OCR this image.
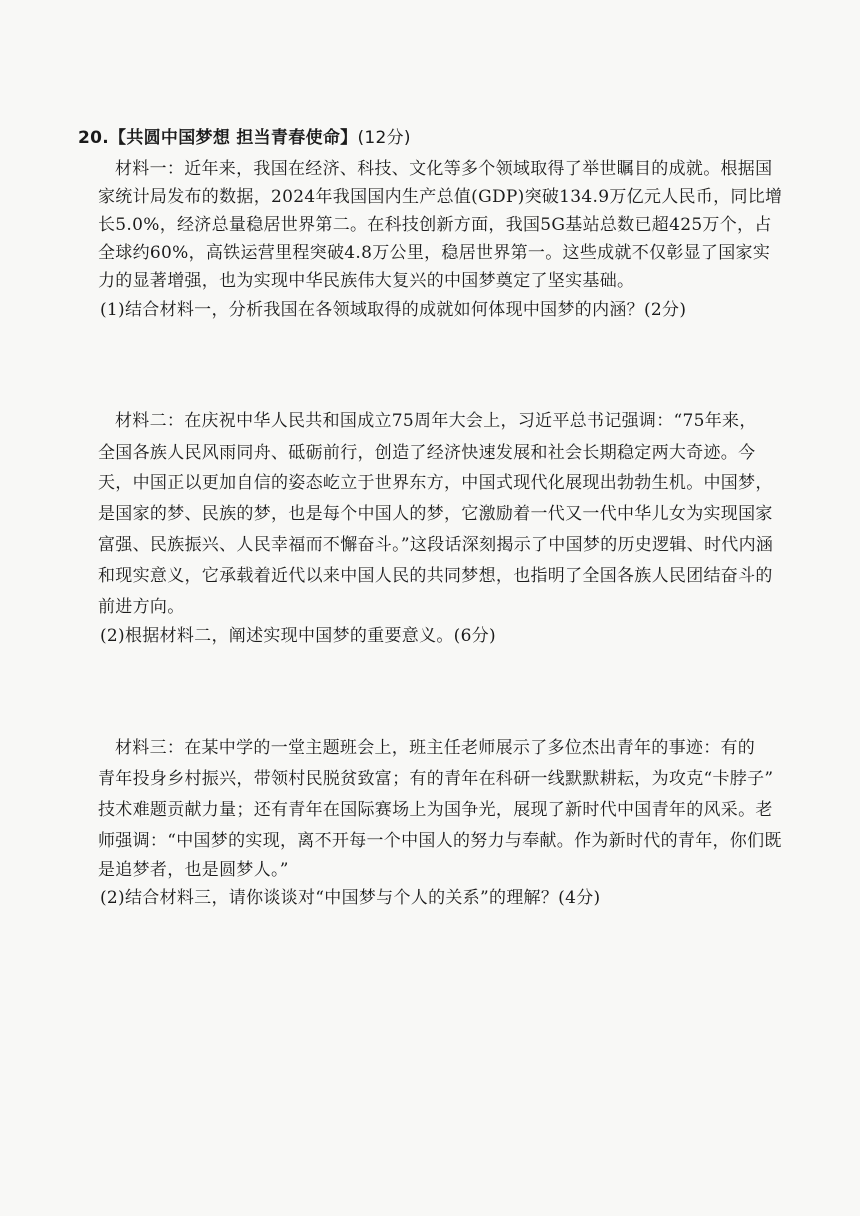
20.【共圆中国梦想 担当青春使命】(12分)
材料一：近年来，我国在经济、科技、文化等多个领域取得了举世瞩目的成就。根据国
家统计局发布的数据，2024年我国国内生产总值(GDP)突破134.9万亿元人民币，同比增
长5.0%，经济总量稳居世界第二。在科技创新方面，我国5G基站总数已超425万个，占
全球约60%，高铁运营里程突破4.8万公里，稳居世界第一。这些成就不仅彰显了国家实
力的显著增强，也为实现中华民族伟大复兴的中国梦奠定了坚实基础。
(1)结合材料一，分析我国在各领域取得的成就如何体现中国梦的内涵？(2分)
材料二：在庆祝中华人民共和国成立75周年大会上，习近平总书记强调：“75年来，
全国各族人民风雨同舟、砥砺前行，创造了经济快速发展和社会长期稳定两大奇迹。今
天，中国正以更加自信的姿态屹立于世界东方，中国式现代化展现出勃勃生机。中国梦，
是国家的梦、民族的梦，也是每个中国人的梦，它激励着一代又一代中华儿女为实现国家
富强、民族振兴、人民幸福而不懈奋斗。”这段话深刻揭示了中国梦的历史逻辑、时代内涵
和现实意义，它承载着近代以来中国人民的共同梦想，也指明了全国各族人民团结奋斗的
前进方向。
(2)根据材料二，阐述实现中国梦的重要意义。(6分)
材料三：在某中学的一堂主题班会上，班主任老师展示了多位杰出青年的事迹：有的
青年投身乡村振兴，带领村民脱贫致富；有的青年在科研一线默默耕耘，为攻克“卡脖子”
技术难题贡献力量；还有青年在国际赛场上为国争光，展现了新时代中国青年的风采。老
师强调：“中国梦的实现，离不开每一个中国人的努力与奉献。作为新时代的青年，你们既
是追梦者，也是圆梦人。”
(2)结合材料三，请你谈谈对“中国梦与个人的关系”的理解？(4分)
